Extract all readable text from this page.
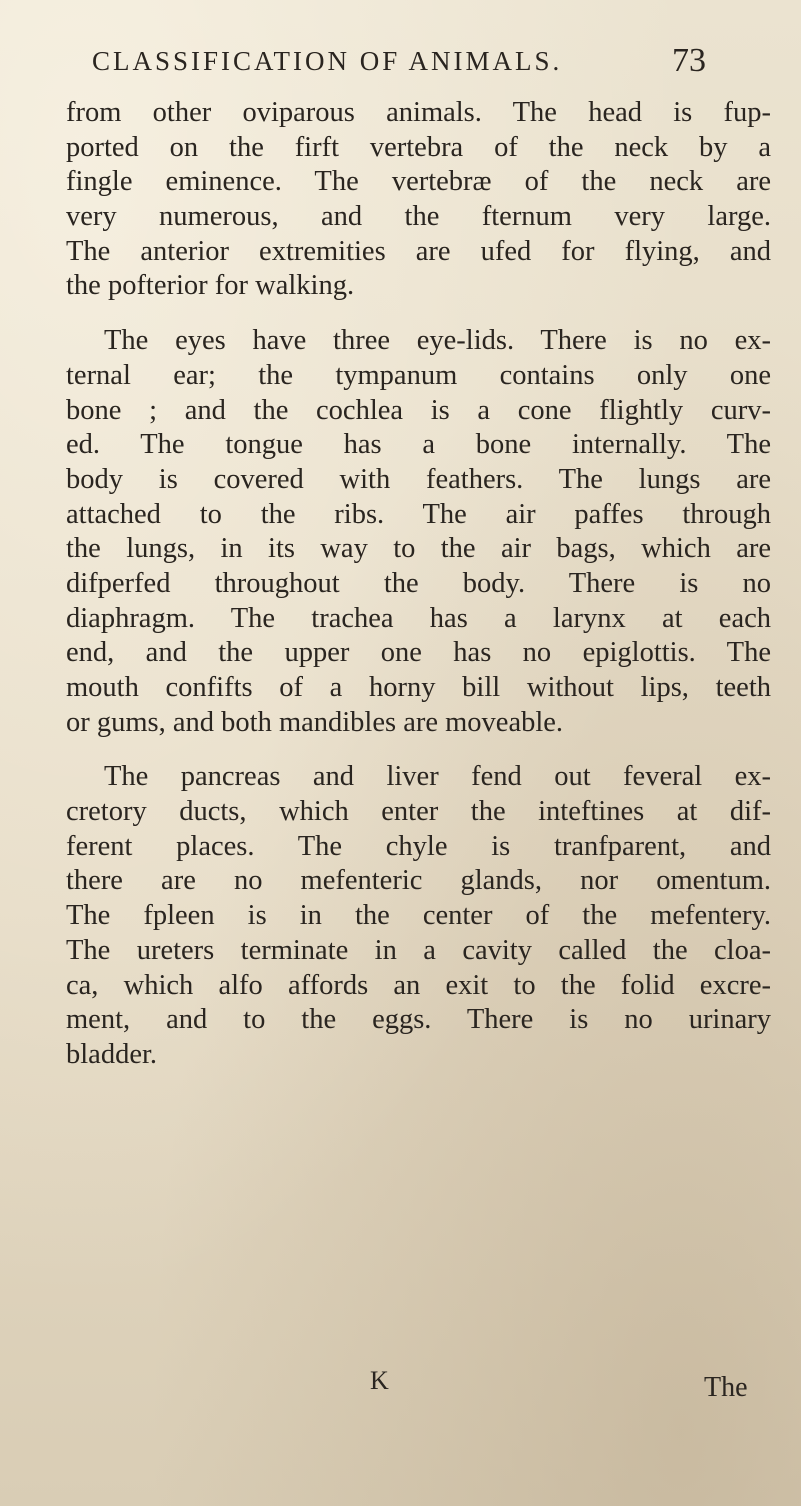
CLASSIFICATION OF ANIMALS.	73
from other oviparous animals. The head is fup-
ported on the firft vertebra of the neck by a
fingle eminence. The vertebræ of the neck are
very numerous, and the fternum very large.
The anterior extremities are ufed for flying, and
the pofterior for walking.
The eyes have three eye-lids. There is no ex-
ternal ear; the tympanum contains only one
bone ; and the cochlea is a cone flightly curv-
ed. The tongue has a bone internally. The
body is covered with feathers. The lungs are
attached to the ribs. The air paffes through
the lungs, in its way to the air bags, which are
difperfed throughout the body. There is no
diaphragm. The trachea has a larynx at each
end, and the upper one has no epiglottis. The
mouth confifts of a horny bill without lips, teeth
or gums, and both mandibles are moveable.
The pancreas and liver fend out feveral ex-
cretory ducts, which enter the inteftines at dif-
ferent places. The chyle is tranfparent, and
there are no mefenteric glands, nor omentum.
The fpleen is in the center of the mefentery.
The ureters terminate in a cavity called the cloa-
ca, which alfo affords an exit to the folid excre-
ment, and to the eggs. There is no urinary
bladder.
K	The
